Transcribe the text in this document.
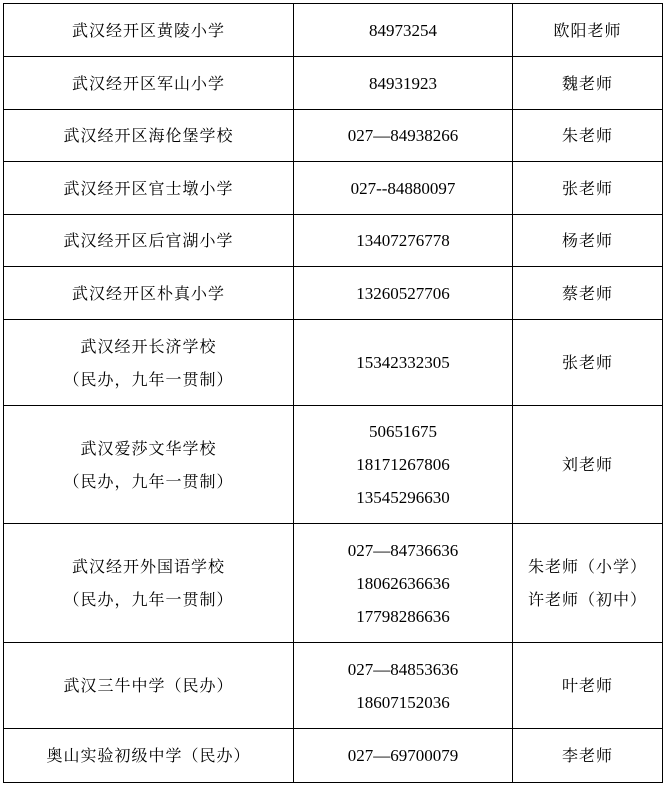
武汉经开区黄陵小学	84973254	欧阳老师

武汉经开区军山小学	84931923	魏老师

武汉经开区海伦堡学校	027—84938266	朱老师

武汉经开区官士墩小学	027--84880097	张老师

武汉经开区后官湖小学	13407276778	杨老师

武汉经开区朴真小学	13260527706	蔡老师

武汉经开长济学校
（民办，九年一贯制）	15342332305	张老师

武汉爱莎文华学校
（民办，九年一贯制）	50651675
18171267806
13545296630	刘老师

武汉经开外国语学校
（民办，九年一贯制）	027—84736636
18062636636
17798286636	朱老师（小学）
许老师（初中）

武汉三牛中学（民办）	027—84853636
18607152036	叶老师

奥山实验初级中学（民办）	027—69700079	李老师
